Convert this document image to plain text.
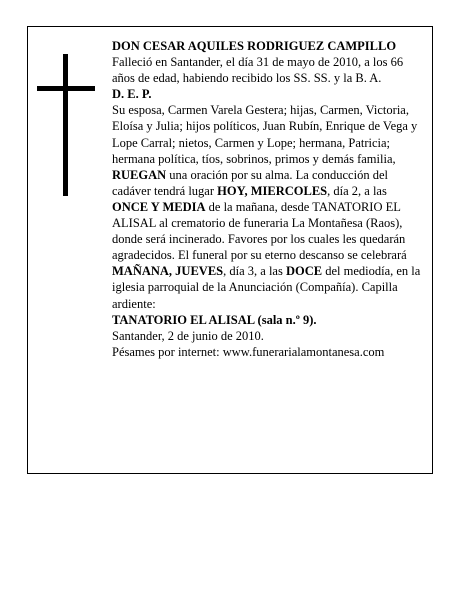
DON CESAR AQUILES RODRIGUEZ CAMPILLO

Falleció en Santander, el día 31 de mayo de 2010, a los 66 años de edad, habiendo recibido los SS. SS. y la B. A.

D. E. P.

Su esposa, Carmen Varela Gestera; hijas, Carmen, Victoria, Eloísa y Julia; hijos políticos, Juan Rubín, Enrique de Vega y Lope Carral; nietos, Carmen y Lope; hermana, Patricia; hermana política, tíos, sobrinos, primos y demás familia,

RUEGAN una oración por su alma. La conducción del cadáver tendrá lugar HOY, MIERCOLES, día 2, a las ONCE Y MEDIA de la mañana, desde TANATORIO EL ALISAL al crematorio de funeraria La Montañesa (Raos), donde será incinerado. Favores por los cuales les quedarán agradecidos. El funeral por su eterno descanso se celebrará MAÑANA, JUEVES, día 3, a las DOCE del mediodía, en la iglesia parroquial de la Anunciación (Compañía). Capilla ardiente:

TANATORIO EL ALISAL (sala n.º 9).

Santander, 2 de junio de 2010.

Pésames por internet: www.funerarialamontanesa.com
